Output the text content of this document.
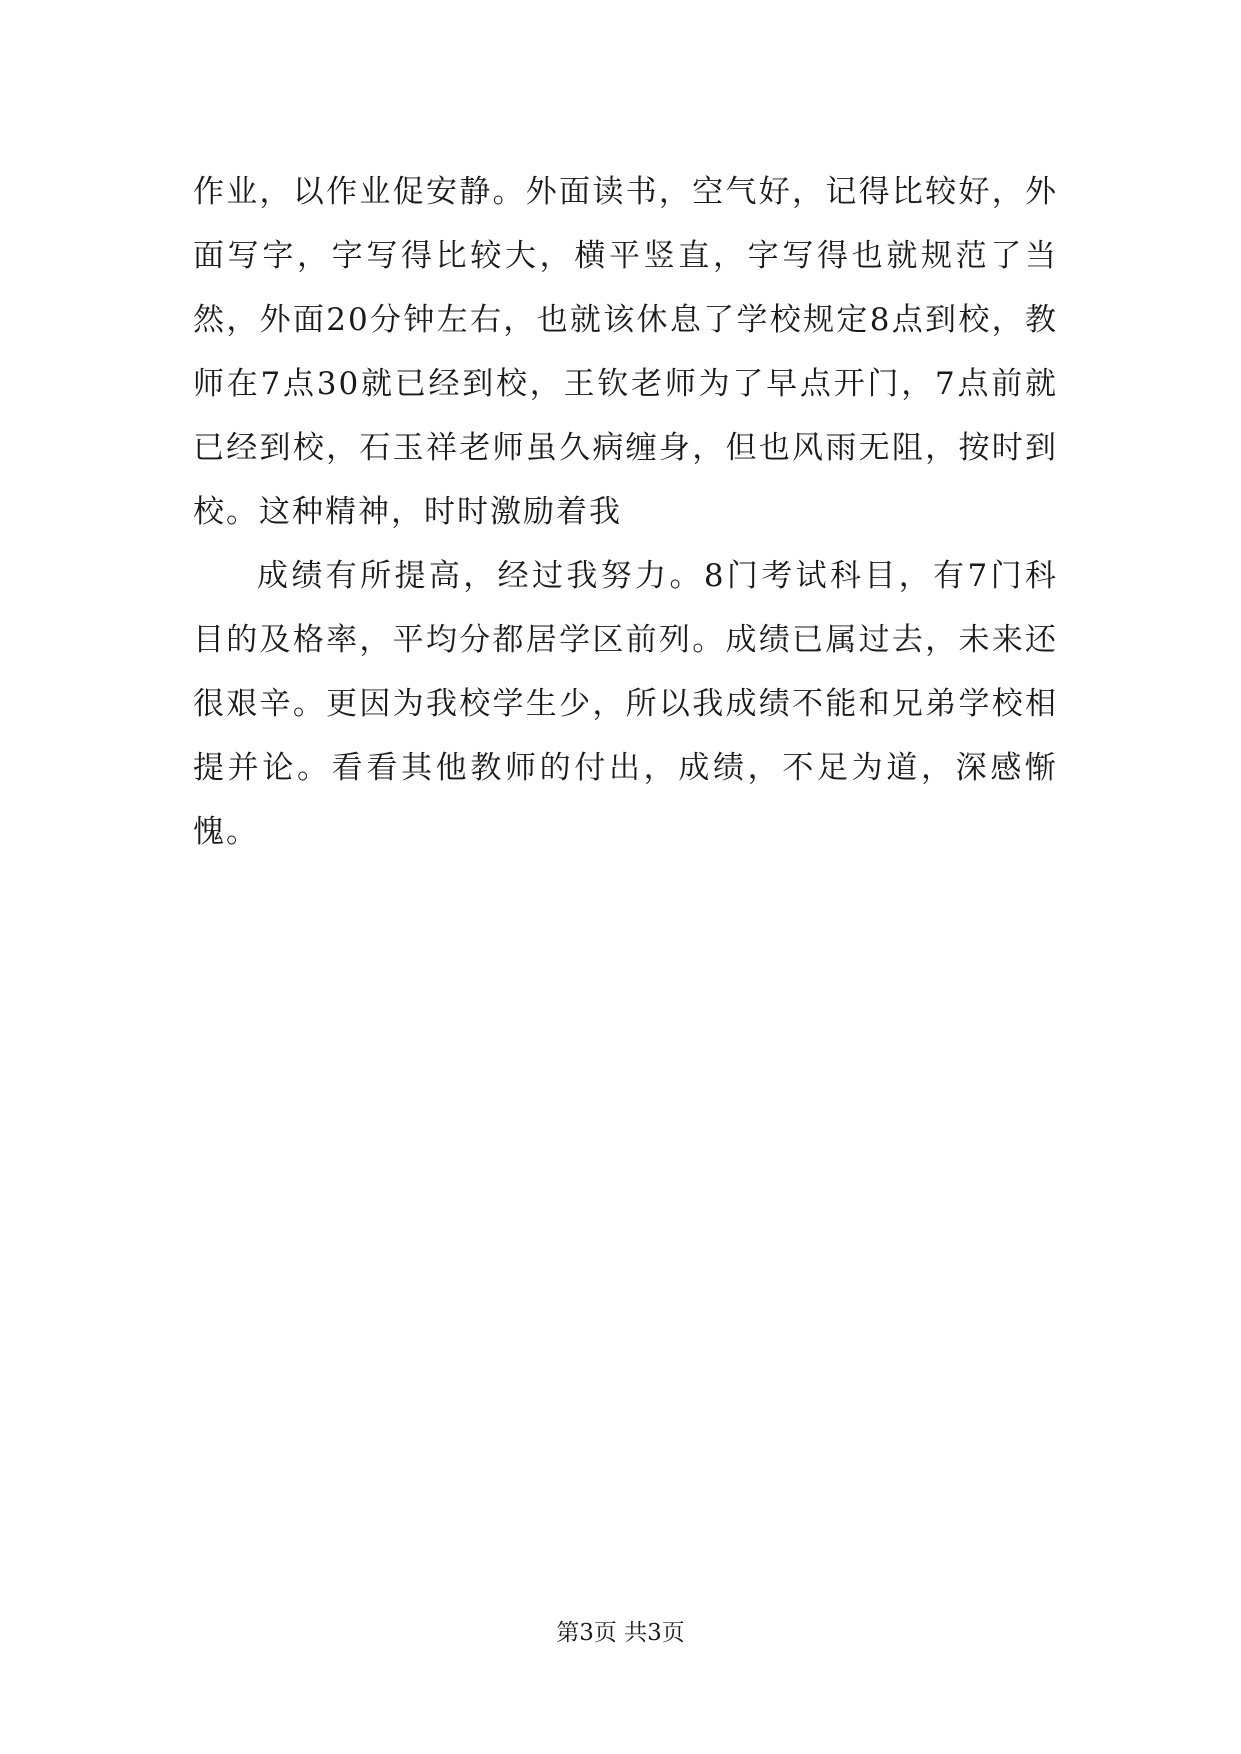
作业，以作业促安静。外面读书，空气好，记得比较好，外面写字，字写得比较大，横平竖直，字写得也就规范了当然，外面20分钟左右，也就该休息了学校规定8点到校，教师在7点30就已经到校，王钦老师为了早点开门，7点前就已经到校，石玉祥老师虽久病缠身，但也风雨无阻，按时到校。这种精神，时时激励着我

成绩有所提高，经过我努力。8门考试科目，有7门科目的及格率，平均分都居学区前列。成绩已属过去，未来还很艰辛。更因为我校学生少，所以我成绩不能和兄弟学校相提并论。看看其他教师的付出，成绩，不足为道，深感惭愧。

第3页 共3页
